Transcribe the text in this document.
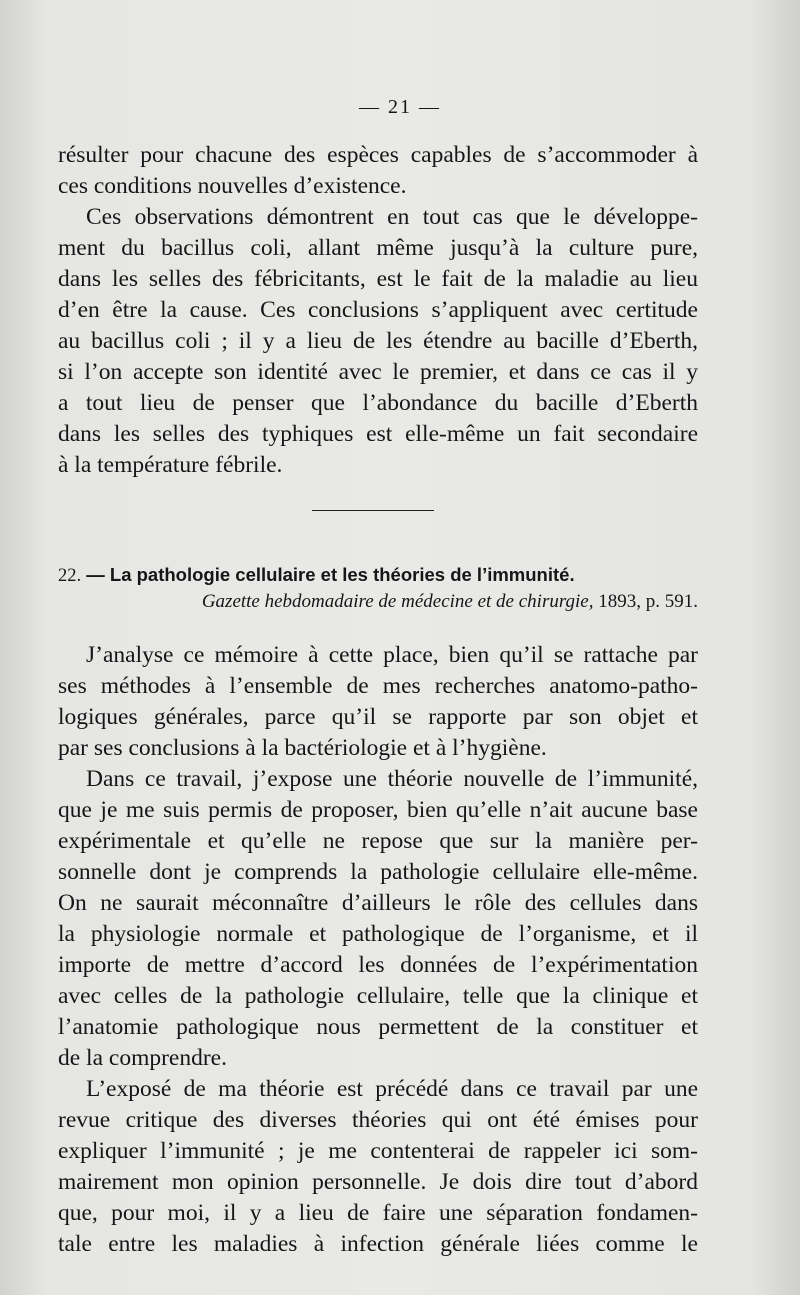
— 21 —
résulter pour chacune des espèces capables de s’accommoder à
ces conditions nouvelles d’existence.
Ces observations démontrent en tout cas que le développe-
ment du bacillus coli, allant même jusqu’à la culture pure,
dans les selles des fébricitants, est le fait de la maladie au lieu
d’en être la cause. Ces conclusions s’appliquent avec certitude
au bacillus coli ; il y a lieu de les étendre au bacille d’Eberth,
si l’on accepte son identité avec le premier, et dans ce cas il y
a tout lieu de penser que l’abondance du bacille d’Eberth
dans les selles des typhiques est elle-même un fait secondaire
à la température fébrile.
22. — La pathologie cellulaire et les théories de l’immunité.
Gazette hebdomadaire de médecine et de chirurgie, 1893, p. 591.
J’analyse ce mémoire à cette place, bien qu’il se rattache par
ses méthodes à l’ensemble de mes recherches anatomo-patho-
logiques générales, parce qu’il se rapporte par son objet et
par ses conclusions à la bactériologie et à l’hygiène.
Dans ce travail, j’expose une théorie nouvelle de l’immunité,
que je me suis permis de proposer, bien qu’elle n’ait aucune base
expérimentale et qu’elle ne repose que sur la manière per-
sonnelle dont je comprends la pathologie cellulaire elle-même.
On ne saurait méconnaître d’ailleurs le rôle des cellules dans
la physiologie normale et pathologique de l’organisme, et il
importe de mettre d’accord les données de l’expérimentation
avec celles de la pathologie cellulaire, telle que la clinique et
l’anatomie pathologique nous permettent de la constituer et
de la comprendre.
L’exposé de ma théorie est précédé dans ce travail par une
revue critique des diverses théories qui ont été émises pour
expliquer l’immunité ; je me contenterai de rappeler ici som-
mairement mon opinion personnelle. Je dois dire tout d’abord
que, pour moi, il y a lieu de faire une séparation fondamen-
tale entre les maladies à infection générale liées comme le
